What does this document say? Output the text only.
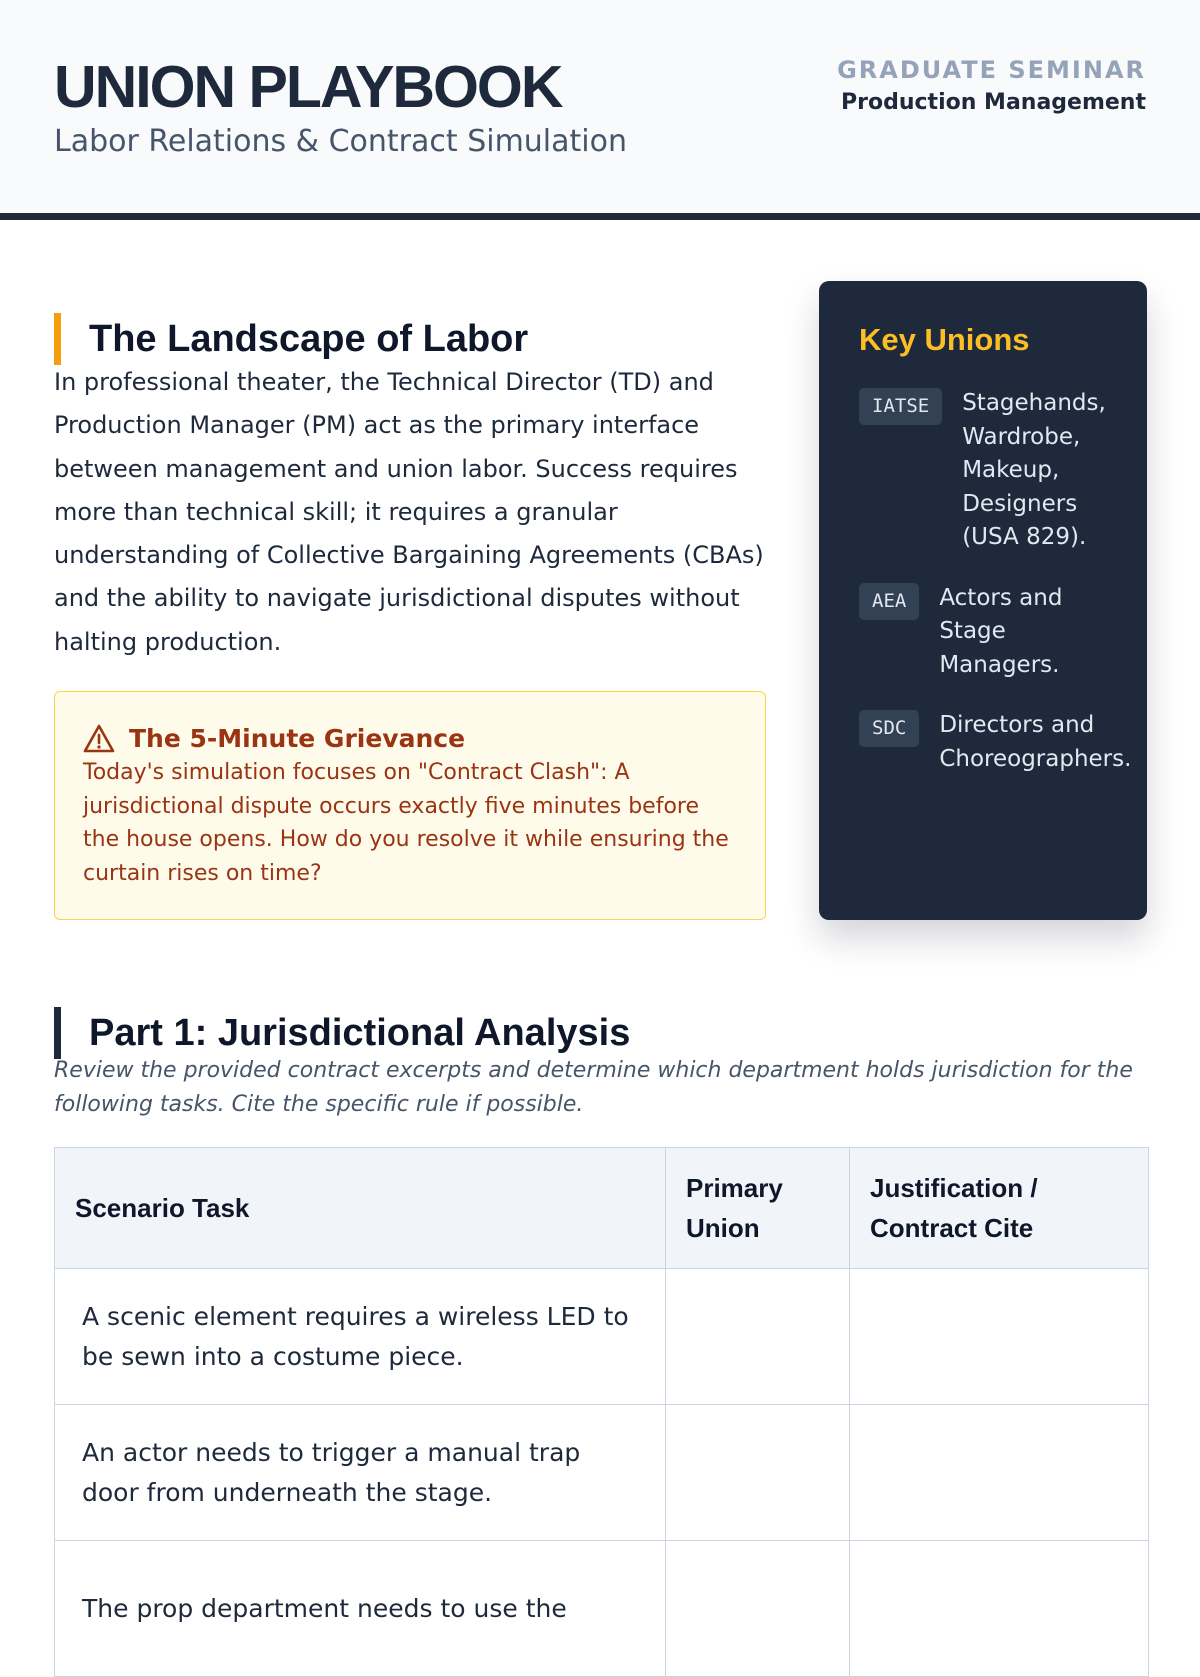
UNION PLAYBOOK
Labor Relations & Contract Simulation
GRADUATE SEMINAR
Production Management
The Landscape of Labor

In professional theater, the Technical Director (TD) and Production Manager (PM) act as the primary interface between management and union labor. Success requires more than technical skill; it requires a granular understanding of Collective Bargaining Agreements (CBAs) and the ability to navigate jurisdictional disputes without halting production.

The 5-Minute Grievance

Today's simulation focuses on "Contract Clash": A jurisdictional dispute occurs exactly five minutes before the house opens. How do you resolve it while ensuring the curtain rises on time?

Key Unions
IATSE	Stagehands, Wardrobe, Makeup, Designers (USA 829).
AEA	Actors and Stage Managers.
SDC	Directors and Choreographers.
Part 1: Jurisdictional Analysis

Review the provided contract excerpts and determine which department holds jurisdiction for the following tasks. Cite the specific rule if possible.

Scenario Task	Primary Union	Justification / Contract Cite
A scenic element requires a wireless LED to be sewn into a costume piece.		
An actor needs to trigger a manual trap door from underneath the stage.		
The prop department needs to use the		
